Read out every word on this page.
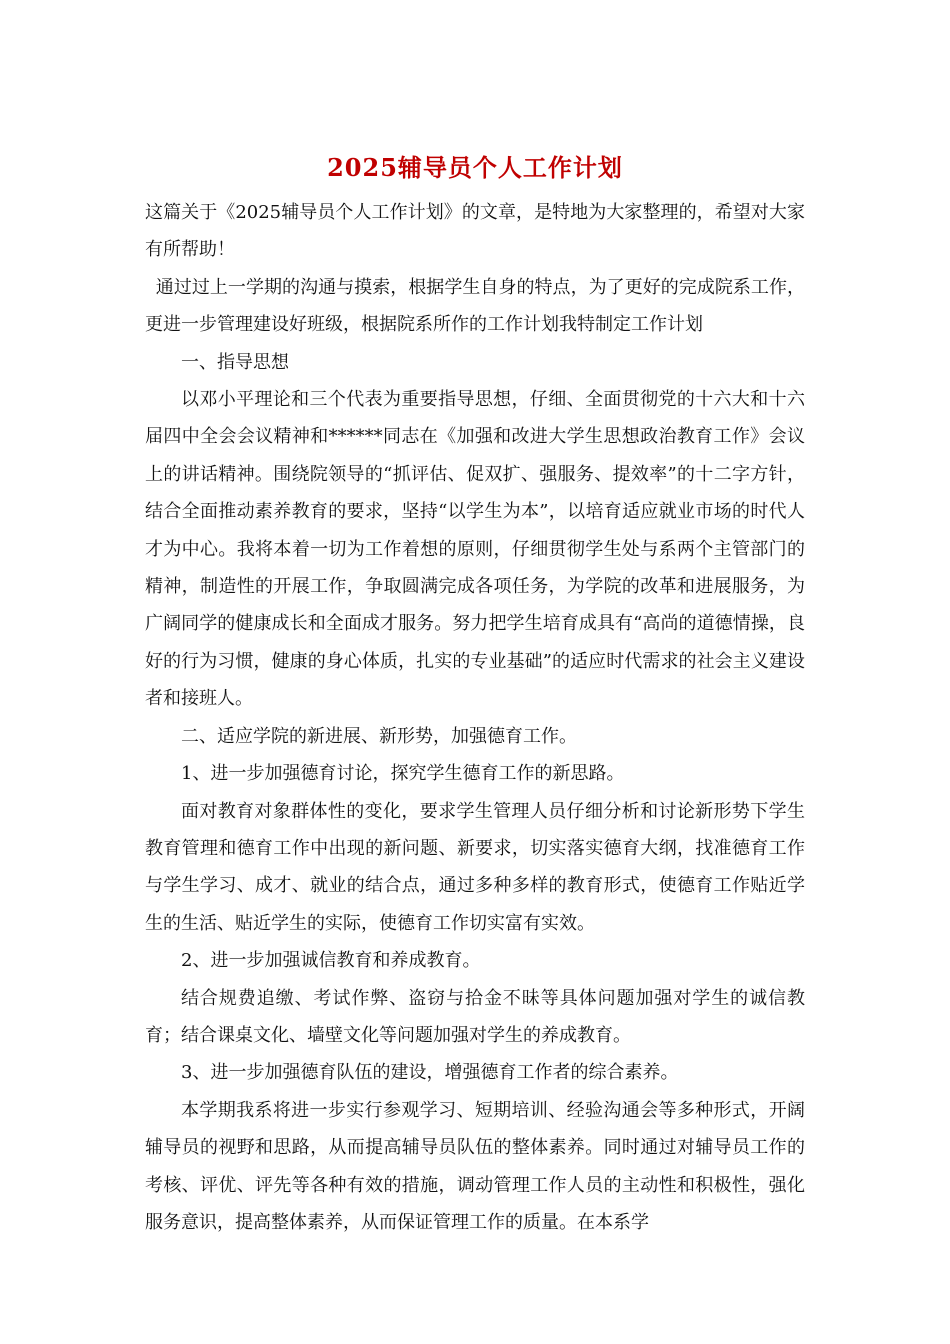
2025辅导员个人工作计划

这篇关于《2025辅导员个人工作计划》的文章，是特地为大家整理的，希望对大家有所帮助！

通过过上一学期的沟通与摸索，根据学生自身的特点，为了更好的完成院系工作，更进一步管理建设好班级，根据院系所作的工作计划我特制定工作计划

一、指导思想

以邓小平理论和三个代表为重要指导思想，仔细、全面贯彻党的十六大和十六届四中全会会议精神和******同志在《加强和改进大学生思想政治教育工作》会议上的讲话精神。围绕院领导的“抓评估、促双扩、强服务、提效率”的十二字方针，结合全面推动素养教育的要求，坚持“以学生为本”，以培育适应就业市场的时代人才为中心。我将本着一切为工作着想的原则，仔细贯彻学生处与系两个主管部门的精神，制造性的开展工作，争取圆满完成各项任务，为学院的改革和进展服务，为广阔同学的健康成长和全面成才服务。努力把学生培育成具有“高尚的道德情操，良好的行为习惯，健康的身心体质，扎实的专业基础”的适应时代需求的社会主义建设者和接班人。

二、适应学院的新进展、新形势，加强德育工作。

1、进一步加强德育讨论，探究学生德育工作的新思路。

面对教育对象群体性的变化，要求学生管理人员仔细分析和讨论新形势下学生教育管理和德育工作中出现的新问题、新要求，切实落实德育大纲，找准德育工作与学生学习、成才、就业的结合点，通过多种多样的教育形式，使德育工作贴近学生的生活、贴近学生的实际，使德育工作切实富有实效。

2、进一步加强诚信教育和养成教育。

结合规费追缴、考试作弊、盗窃与拾金不昧等具体问题加强对学生的诚信教育；结合课桌文化、墙壁文化等问题加强对学生的养成教育。

3、进一步加强德育队伍的建设，增强德育工作者的综合素养。

本学期我系将进一步实行参观学习、短期培训、经验沟通会等多种形式，开阔辅导员的视野和思路，从而提高辅导员队伍的整体素养。同时通过对辅导员工作的考核、评优、评先等各种有效的措施，调动管理工作人员的主动性和积极性，强化服务意识，提高整体素养，从而保证管理工作的质量。在本系学
